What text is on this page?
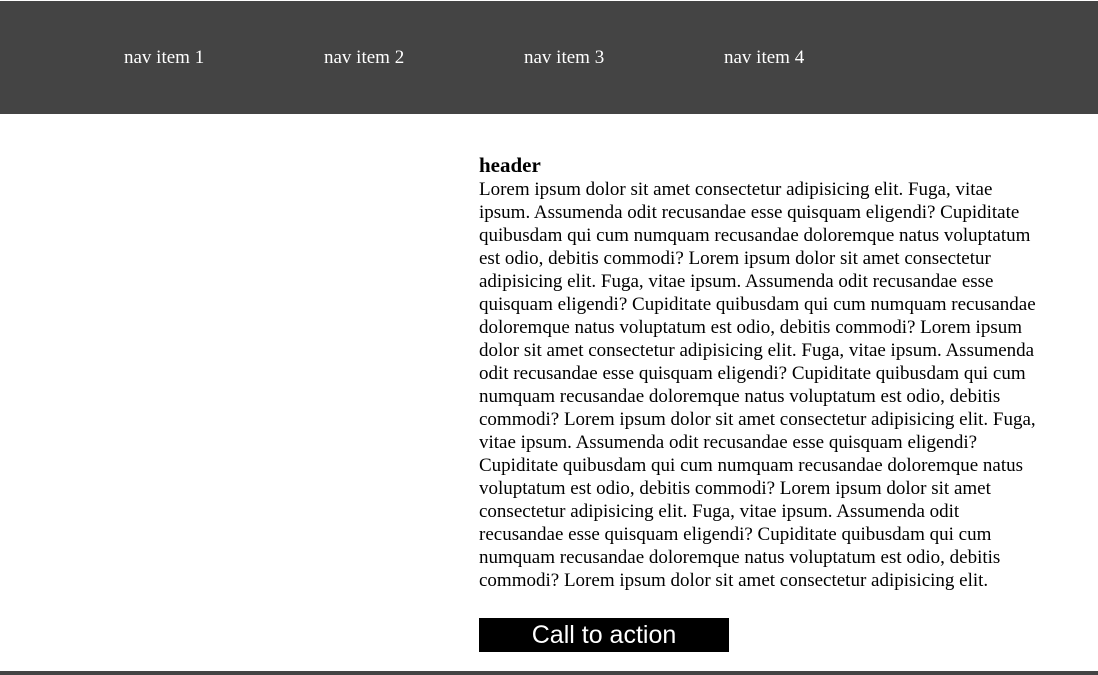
nav item 1	nav item 2	nav item 3	nav item 4
header

Lorem ipsum dolor sit amet consectetur adipisicing elit. Fuga, vitae ipsum. Assumenda odit recusandae esse quisquam eligendi? Cupiditate quibusdam qui cum numquam recusandae doloremque natus voluptatum est odio, debitis commodi? Lorem ipsum dolor sit amet consectetur adipisicing elit. Fuga, vitae ipsum. Assumenda odit recusandae esse quisquam eligendi? Cupiditate quibusdam qui cum numquam recusandae doloremque natus voluptatum est odio, debitis commodi? Lorem ipsum dolor sit amet consectetur adipisicing elit. Fuga, vitae ipsum. Assumenda odit recusandae esse quisquam eligendi? Cupiditate quibusdam qui cum numquam recusandae doloremque natus voluptatum est odio, debitis commodi? Lorem ipsum dolor sit amet consectetur adipisicing elit. Fuga, vitae ipsum. Assumenda odit recusandae esse quisquam eligendi? Cupiditate quibusdam qui cum numquam recusandae doloremque natus voluptatum est odio, debitis commodi? Lorem ipsum dolor sit amet consectetur adipisicing elit. Fuga, vitae ipsum. Assumenda odit recusandae esse quisquam eligendi? Cupiditate quibusdam qui cum numquam recusandae doloremque natus voluptatum est odio, debitis commodi? Lorem ipsum dolor sit amet consectetur adipisicing elit.

Call to action
